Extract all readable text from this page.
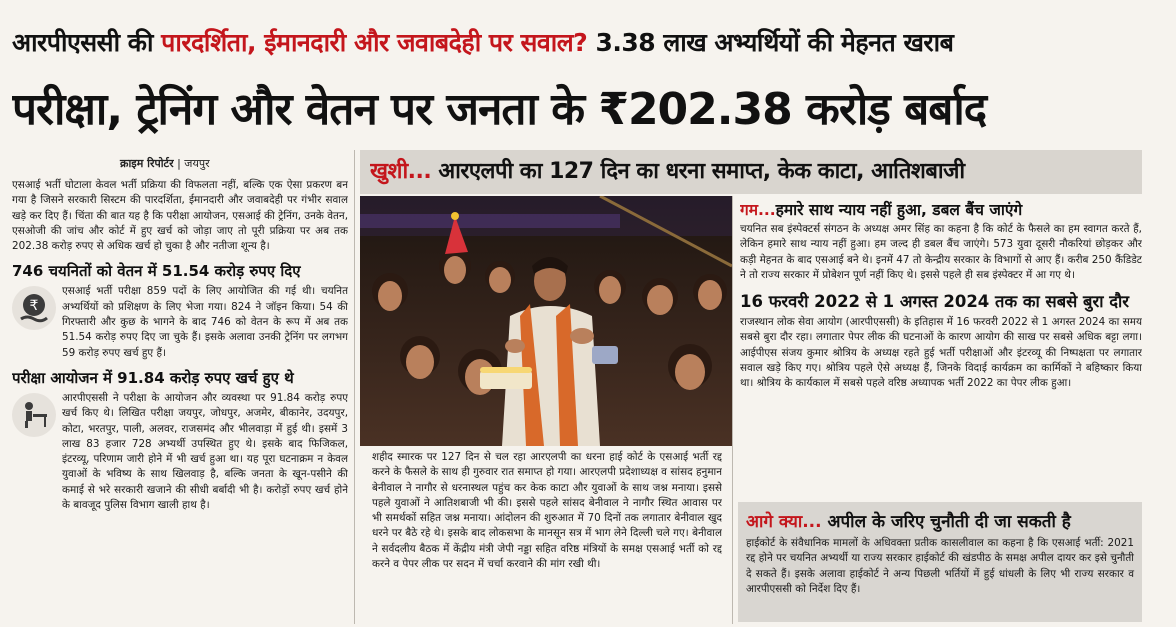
आरपीएससी की पारदर्शिता, ईमानदारी और जवाबदेही पर सवाल? 3.38 लाख अभ्यर्थियों की मेहनत खराब
परीक्षा, ट्रेनिंग और वेतन पर जनता के ₹202.38 करोड़ बर्बाद
क्राइम रिपोर्टर | जयपुर

एसआई भर्ती घोटाला केवल भर्ती प्रक्रिया की विफलता नहीं, बल्कि एक ऐसा प्रकरण बन गया है जिसने सरकारी सिस्टम की पारदर्शिता, ईमानदारी और जवाबदेही पर गंभीर सवाल खड़े कर दिए हैं। चिंता की बात यह है कि परीक्षा आयोजन, एसआई की ट्रेनिंग, उनके वेतन, एसओजी की जांच और कोर्ट में हुए खर्च को जोड़ा जाए तो पूरी प्रक्रिया पर अब तक 202.38 करोड़ रुपए से अधिक खर्च हो चुका है और नतीजा शून्य है।

746 चयनितों को वेतन में 51.54 करोड़ रुपए दिए
₹

एसआई भर्ती परीक्षा 859 पदों के लिए आयोजित की गई थी। चयनित अभ्यर्थियों को प्रशिक्षण के लिए भेजा गया। 824 ने जॉइन किया। 54 की गिरफ्तारी और कुछ के भागने के बाद 746 को वेतन के रूप में अब तक 51.54 करोड़ रुपए दिए जा चुके हैं। इसके अलावा उनकी ट्रेनिंग पर लगभग 59 करोड़ रुपए खर्च हुए हैं।

परीक्षा आयोजन में 91.84 करोड़ रुपए खर्च हुए थे

आरपीएससी ने परीक्षा के आयोजन और व्यवस्था पर 91.84 करोड़ रुपए खर्च किए थे। लिखित परीक्षा जयपुर, जोधपुर, अजमेर, बीकानेर, उदयपुर, कोटा, भरतपुर, पाली, अलवर, राजसमंद और भीलवाड़ा में हुई थी। इसमें 3 लाख 83 हजार 728 अभ्यर्थी उपस्थित हुए थे। इसके बाद फिजिकल, इंटरव्यू, परिणाम जारी होने में भी खर्च हुआ था। यह पूरा घटनाक्रम न केवल युवाओं के भविष्य के साथ खिलवाड़ है, बल्कि जनता के खून-पसीने की कमाई से भरे सरकारी खजाने की सीधी बर्बादी भी है। करोड़ों रुपए खर्च होने के बावजूद पुलिस विभाग खाली हाथ है।

खुशी... आरएलपी का 127 दिन का धरना समाप्त, केक काटा, आतिशबाजी

शहीद स्मारक पर 127 दिन से चल रहा आरएलपी का धरना हाई कोर्ट के एसआई भर्ती रद्द करने के फैसले के साथ ही गुरुवार रात समाप्त हो गया। आरएलपी प्रदेशाध्यक्ष व सांसद हनुमान बेनीवाल ने नागौर से धरनास्थल पहुंच कर केक काटा और युवाओं के साथ जश्न मनाया। इससे पहले युवाओं ने आतिशबाजी भी की। इससे पहले सांसद बेनीवाल ने नागौर स्थित आवास पर भी समर्थकों सहित जश्न मनाया। आंदोलन की शुरुआत में 70 दिनों तक लगातार बेनीवाल खुद धरने पर बैठे रहे थे। इसके बाद लोकसभा के मानसून सत्र में भाग लेने दिल्ली चले गए। बेनीवाल ने सर्वदलीय बैठक में केंद्रीय मंत्री जेपी नड्डा सहित वरिष्ठ मंत्रियों के समक्ष एसआई भर्ती को रद्द करने व पेपर लीक पर सदन में चर्चा करवाने की मांग रखी थी।

गम...हमारे साथ न्याय नहीं हुआ, डबल बैंच जाएंगे

चयनित सब इंस्पेक्टर्स संगठन के अध्यक्ष अमर सिंह का कहना है कि कोर्ट के फैसले का हम स्वागत करते हैं, लेकिन हमारे साथ न्याय नहीं हुआ। हम जल्द ही डबल बैंच जाएंगे। 573 युवा दूसरी नौकरियां छोड़कर और कड़ी मेहनत के बाद एसआई बने थे। इनमें 47 तो केन्द्रीय सरकार के विभागों से आए हैं। करीब 250 कैंडिडेट ने तो राज्य सरकार में प्रोबेशन पूर्ण नहीं किए थे। इससे पहले ही सब इंस्पेक्टर में आ गए थे।

16 फरवरी 2022 से 1 अगस्त 2024 तक का सबसे बुरा दौर

राजस्थान लोक सेवा आयोग (आरपीएससी) के इतिहास में 16 फरवरी 2022 से 1 अगस्त 2024 का समय सबसे बुरा दौर रहा। लगातार पेपर लीक की घटनाओं के कारण आयोग की साख पर सबसे अधिक बट्टा लगा। आईपीएस संजय कुमार श्रोत्रिय के अध्यक्ष रहते हुई भर्ती परीक्षाओं और इंटरव्यू की निष्पक्षता पर लगातार सवाल खड़े किए गए। श्रोत्रिय पहले ऐसे अध्यक्ष हैं, जिनके विदाई कार्यक्रम का कार्मिकों ने बहिष्कार किया था। श्रोत्रिय के कार्यकाल में सबसे पहले वरिष्ठ अध्यापक भर्ती 2022 का पेपर लीक हुआ।

आगे क्या... अपील के जरिए चुनौती दी जा सकती है

हाईकोर्ट के संवैधानिक मामलों के अधिवक्ता प्रतीक कासलीवाल का कहना है कि एसआई भर्ती: 2021 रद्द होने पर चयनित अभ्यर्थी या राज्य सरकार हाईकोर्ट की खंडपीठ के समक्ष अपील दायर कर इसे चुनौती दे सकते हैं। इसके अलावा हाईकोर्ट ने अन्य पिछली भर्तियों में हुई धांधली के लिए भी राज्य सरकार व आरपीएससी को निर्देश दिए हैं।
